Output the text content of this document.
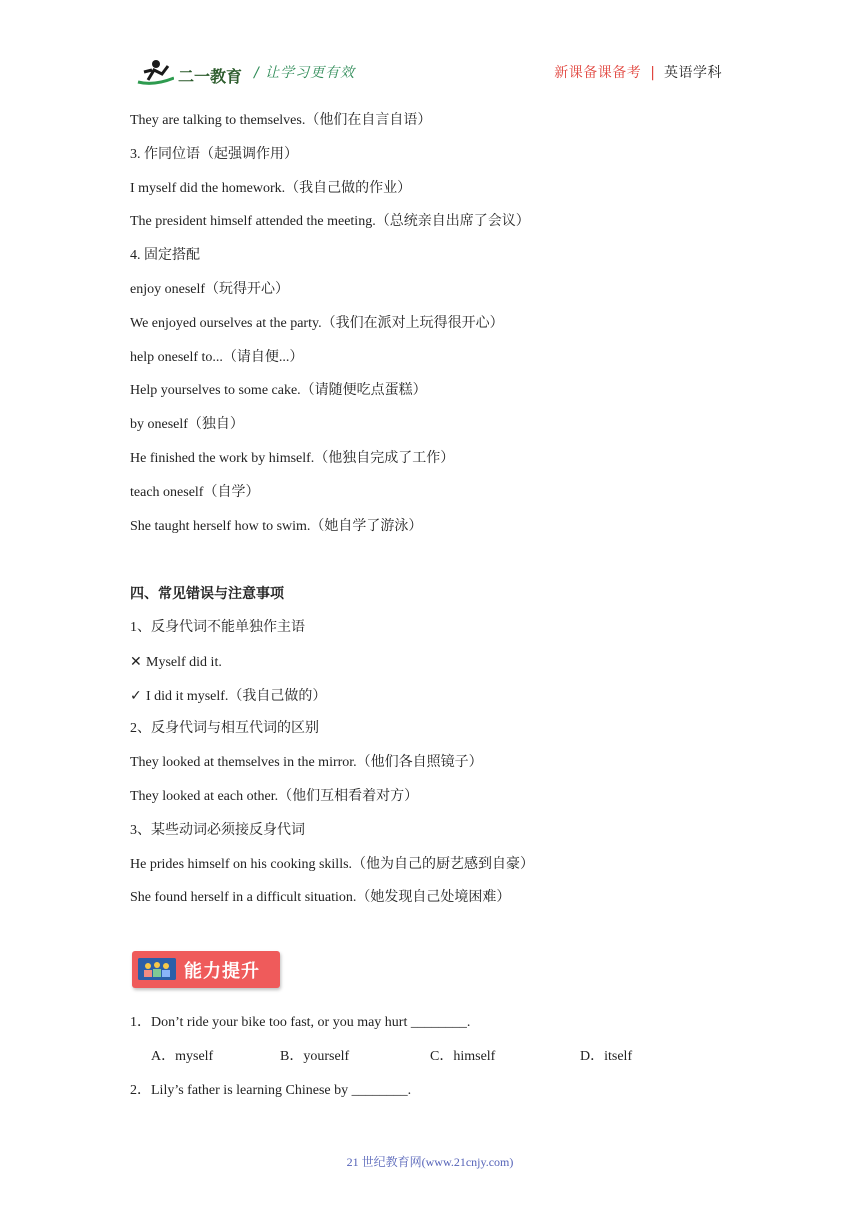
二一教育 / 让学习更有效	新课备课备考 | 英语学科
They are talking to themselves.（他们在自言自语）
3. 作同位语（起强调作用）
I myself did the homework.（我自己做的作业）
The president himself attended the meeting.（总统亲自出席了会议）
4. 固定搭配
enjoy oneself（玩得开心）
We enjoyed ourselves at the party.（我们在派对上玩得很开心）
help oneself to...（请自便...）
Help yourselves to some cake.（请随便吃点蛋糕）
by oneself（独自）
He finished the work by himself.（他独自完成了工作）
teach oneself（自学）
She taught herself how to swim.（她自学了游泳）
四、常见错误与注意事项
1、反身代词不能单独作主语
✕ Myself did it.
✓ I did it myself.（我自己做的）
2、反身代词与相互代词的区别
They looked at themselves in the mirror.（他们各自照镜子）
They looked at each other.（他们互相看着对方）
3、某些动词必须接反身代词
He prides himself on his cooking skills.（他为自己的厨艺感到自豪）
She found herself in a difficult situation.（她发现自己处境困难）
能力提升
1．Don’t ride your bike too fast, or you may hurt ________.
A．myself	B．yourself	C．himself	D．itself
2．Lily’s father is learning Chinese by ________.
21 世纪教育网(www.21cnjy.com)
